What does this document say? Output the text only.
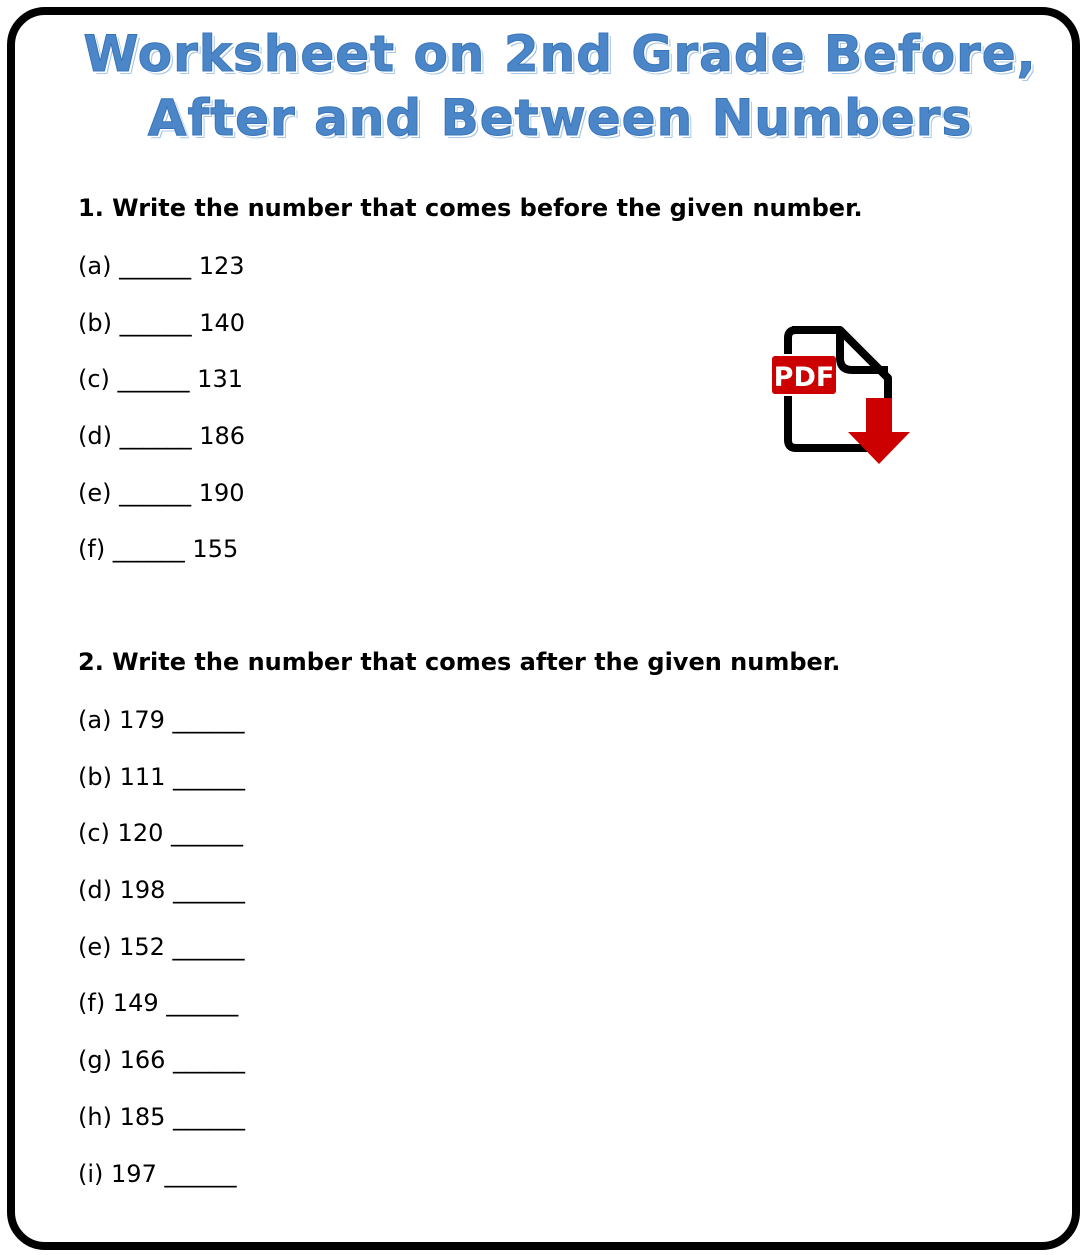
Worksheet on 2nd Grade Before,
After and Between Numbers
1. Write the number that comes before the given number.
(a) ______ 123
(b) ______ 140
(c) ______ 131
(d) ______ 186
(e) ______ 190
(f) ______ 155
PDF
2. Write the number that comes after the given number.
(a) 179 ______
(b) 111 ______
(c) 120 ______
(d) 198 ______
(e) 152 ______
(f) 149 ______
(g) 166 ______
(h) 185 ______
(i) 197 ______
